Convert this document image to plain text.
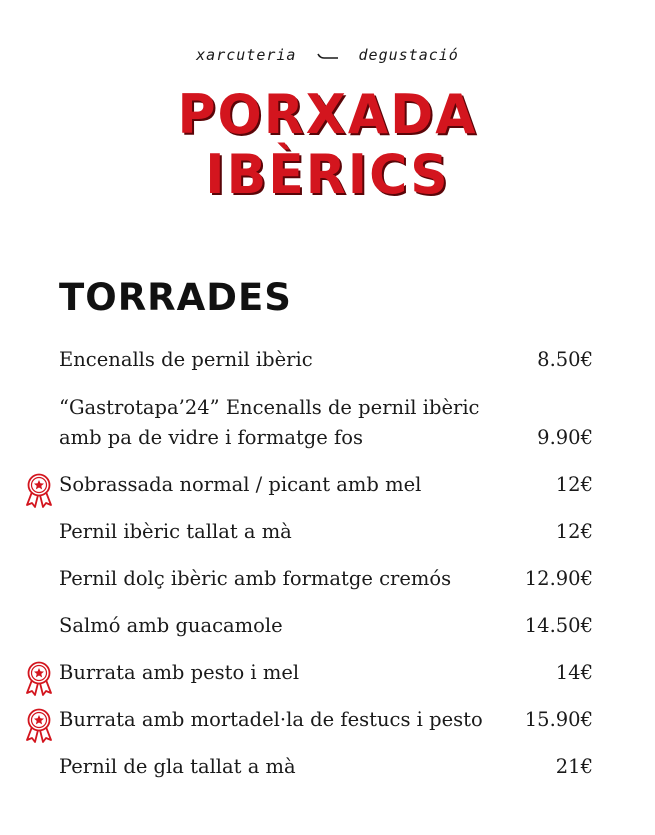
xarcuteria	degustació
PORXADA
IBÈRICS
TORRADES
Encenalls de pernil ibèric	8.50€
“Gastrotapa’24” Encenalls de pernil ibèric
amb pa de vidre i formatge fos	9.90€
Sobrassada normal / picant amb mel	12€
Pernil ibèric tallat a mà	12€
Pernil dolç ibèric amb formatge cremós	12.90€
Salmó amb guacamole	14.50€
Burrata amb pesto i mel	14€
Burrata amb mortadel·la de festucs i pesto 15.90€
Pernil de gla tallat a mà	21€
